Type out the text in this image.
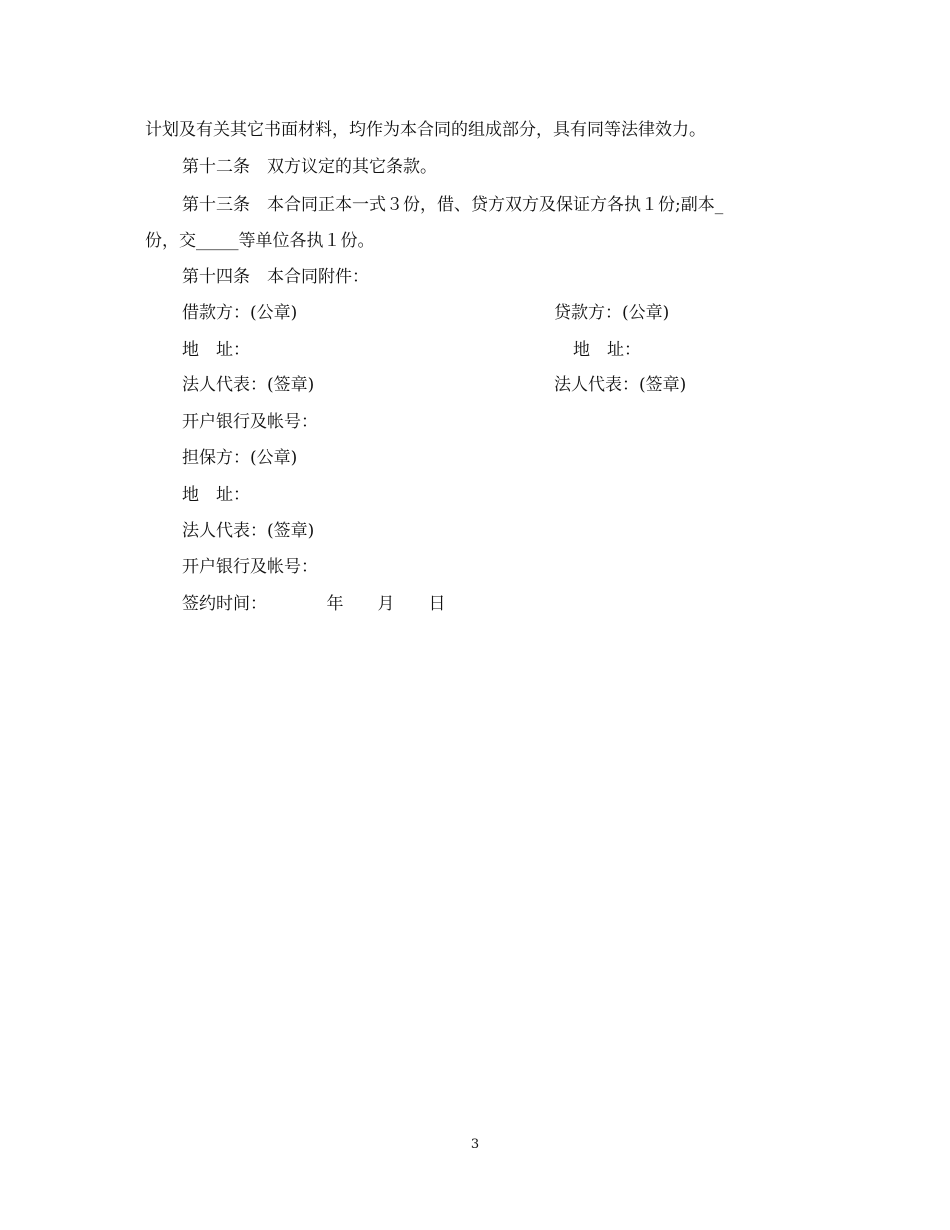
计划及有关其它书面材料，均作为本合同的组成部分，具有同等法律效力。
第十二条　双方议定的其它条款。
第十三条　本合同正本一式３份，借、贷方双方及保证方各执１份;副本_
份，交_____等单位各执１份。
第十四条　本合同附件：
借款方：(公章)	贷款方：(公章)
地　址：	地　址：
法人代表：(签章)	法人代表：(签章)
开户银行及帐号：
担保方：(公章)
地　址：
法人代表：(签章)
开户银行及帐号：
签约时间：　　　　年　　月　　日
3
